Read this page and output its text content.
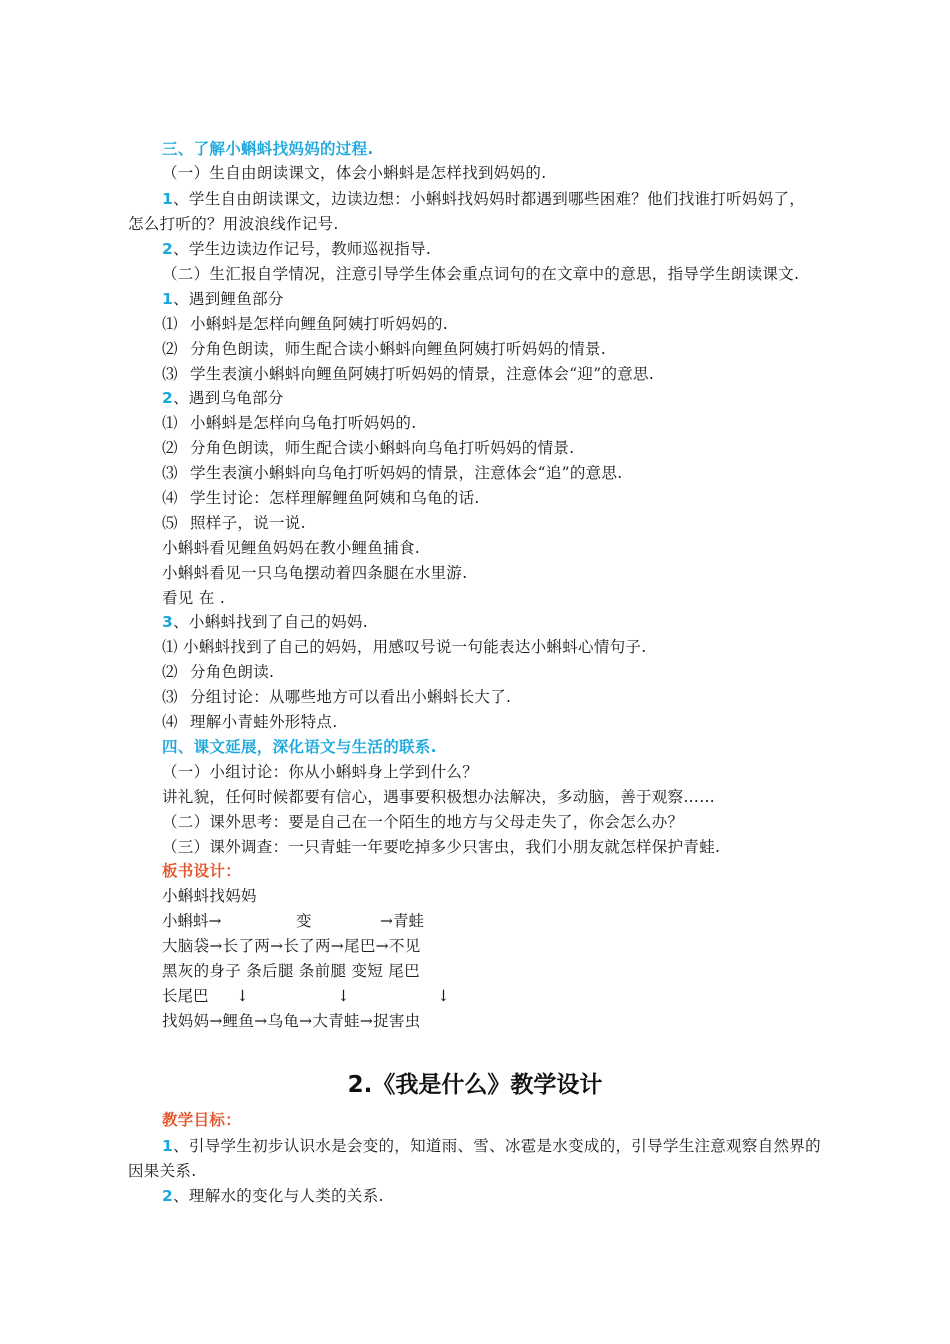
三、了解小蝌蚪找妈妈的过程.
（一）生自由朗读课文，体会小蝌蚪是怎样找到妈妈的.
1、学生自由朗读课文，边读边想：小蝌蚪找妈妈时都遇到哪些困难？他们找谁打听妈妈了，
怎么打听的？用波浪线作记号.
2、学生边读边作记号，教师巡视指导.
（二）生汇报自学情况，注意引导学生体会重点词句的在文章中的意思，指导学生朗读课文.
1、遇到鲤鱼部分
⑴ 小蝌蚪是怎样向鲤鱼阿姨打听妈妈的.
⑵ 分角色朗读，师生配合读小蝌蚪向鲤鱼阿姨打听妈妈的情景.
⑶ 学生表演小蝌蚪向鲤鱼阿姨打听妈妈的情景，注意体会“迎”的意思.
2、遇到乌龟部分
⑴ 小蝌蚪是怎样向乌龟打听妈妈的.
⑵ 分角色朗读，师生配合读小蝌蚪向乌龟打听妈妈的情景.
⑶ 学生表演小蝌蚪向乌龟打听妈妈的情景，注意体会“追”的意思.
⑷ 学生讨论：怎样理解鲤鱼阿姨和乌龟的话.
⑸ 照样子，说一说.
小蝌蚪看见鲤鱼妈妈在教小鲤鱼捕食.
小蝌蚪看见一只乌龟摆动着四条腿在水里游.
看见 在 .
3、小蝌蚪找到了自己的妈妈.
⑴ 小蝌蚪找到了自己的妈妈，用感叹号说一句能表达小蝌蚪心情句子.
⑵ 分角色朗读.
⑶ 分组讨论：从哪些地方可以看出小蝌蚪长大了.
⑷ 理解小青蛙外形特点.
四、课文延展，深化语文与生活的联系.
（一）小组讨论：你从小蝌蚪身上学到什么？
讲礼貌，任何时候都要有信心，遇事要积极想办法解决，多动脑，善于观察……
（二）课外思考：要是自己在一个陌生的地方与父母走失了，你会怎么办？
（三）课外调查：一只青蛙一年要吃掉多少只害虫，我们小朋友就怎样保护青蛙.
板书设计：
小蝌蚪找妈妈
小蝌蚪→	变	→青蛙
大脑袋→长了两→长了两→尾巴→不见
黑灰的身子 条后腿 条前腿 变短 尾巴
长尾巴 ↓	↓	↓
找妈妈→鲤鱼→乌龟→大青蛙→捉害虫
2.《我是什么》教学设计
教学目标：
1、引导学生初步认识水是会变的，知道雨、雪、冰雹是水变成的，引导学生注意观察自然界的
因果关系.
2、理解水的变化与人类的关系.
